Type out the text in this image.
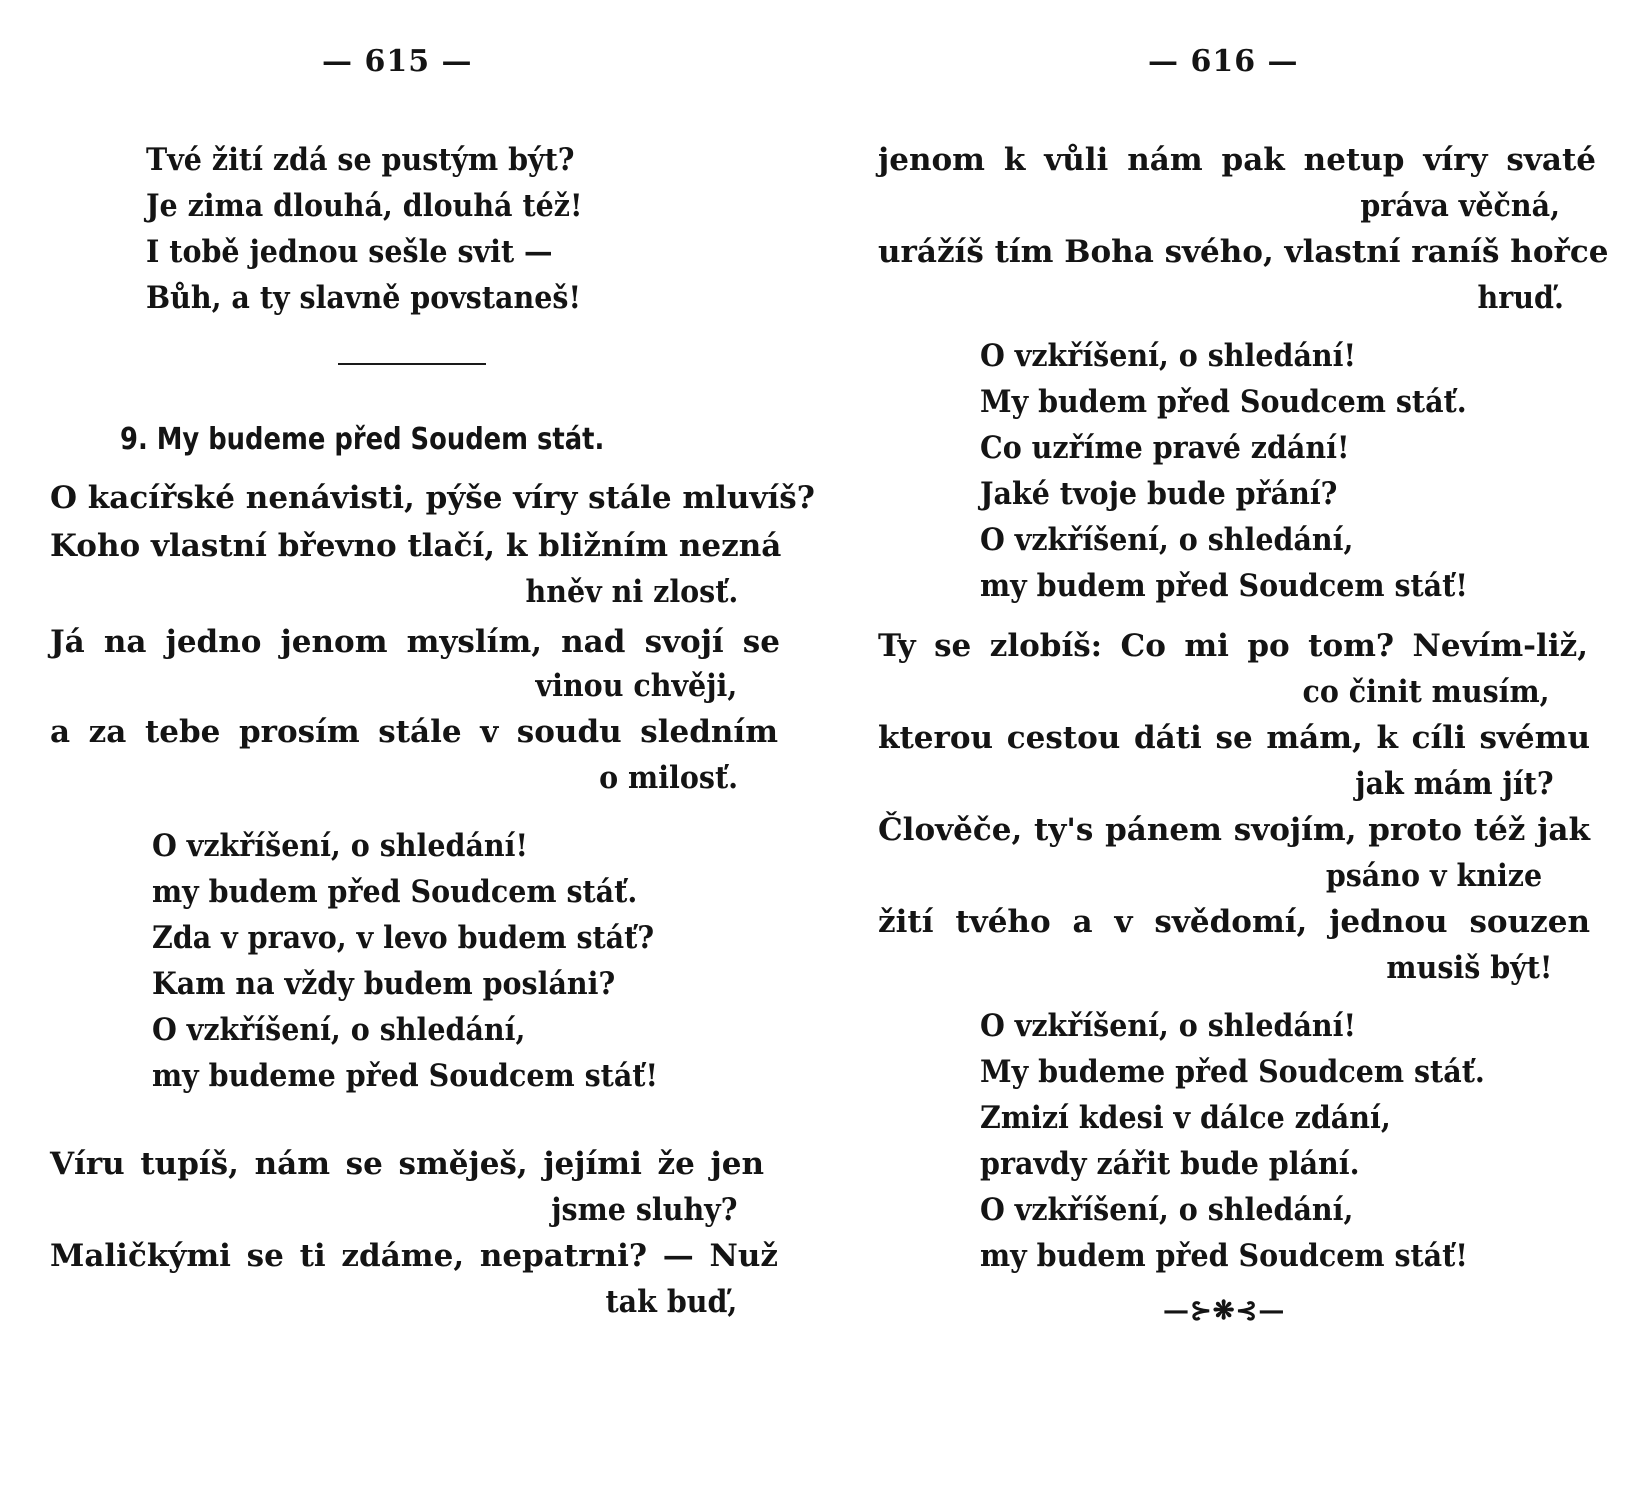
— 615 —
Tvé žití zdá se pustým být?
Je zima dlouhá, dlouhá též!
I tobě jednou sešle svit —
Bůh, a ty slavně povstaneš!
9. My budeme před Soudem stát.
O kacířské nenávisti, pýše víry stále mluvíš?
Koho vlastní břevno tlačí, k bližním nezná
hněv ni zlosť.
Já na jedno jenom myslím, nad svojí se
vinou chvěji,
a za tebe prosím stále v soudu sledním
o milosť.
O vzkříšení, o shledání!
my budem před Soudcem stáť.
Zda v pravo, v levo budem stáť?
Kam na vždy budem posláni?
O vzkříšení, o shledání,
my budeme před Soudcem stáť!
Víru tupíš, nám se směješ, jejími že jen
jsme sluhy?
Maličkými se ti zdáme, nepatrni? — Nuž
tak buď,
— 616 —
jenom k vůli nám pak netup víry svaté
práva věčná,
urážíš tím Boha svého, vlastní raníš hořce
hruď.
O vzkříšení, o shledání!
My budem před Soudcem stáť.
Co uzříme pravé zdání!
Jaké tvoje bude přání?
O vzkříšení, o shledání,
my budem před Soudcem stáť!
Ty se zlobíš: Co mi po tom? Nevím-liž,
co činit musím,
kterou cestou dáti se mám, k cíli svému
jak mám jít?
Člověče, ty's pánem svojím, proto též jak
psáno v knize
žití tvého a v svědomí, jednou souzen
musiš být!
O vzkříšení, o shledání!
My budeme před Soudcem stáť.
Zmizí kdesi v dálce zdání,
pravdy zářit bude plání.
O vzkříšení, o shledání,
my budem před Soudcem stáť!
—⊱❋⊰—
